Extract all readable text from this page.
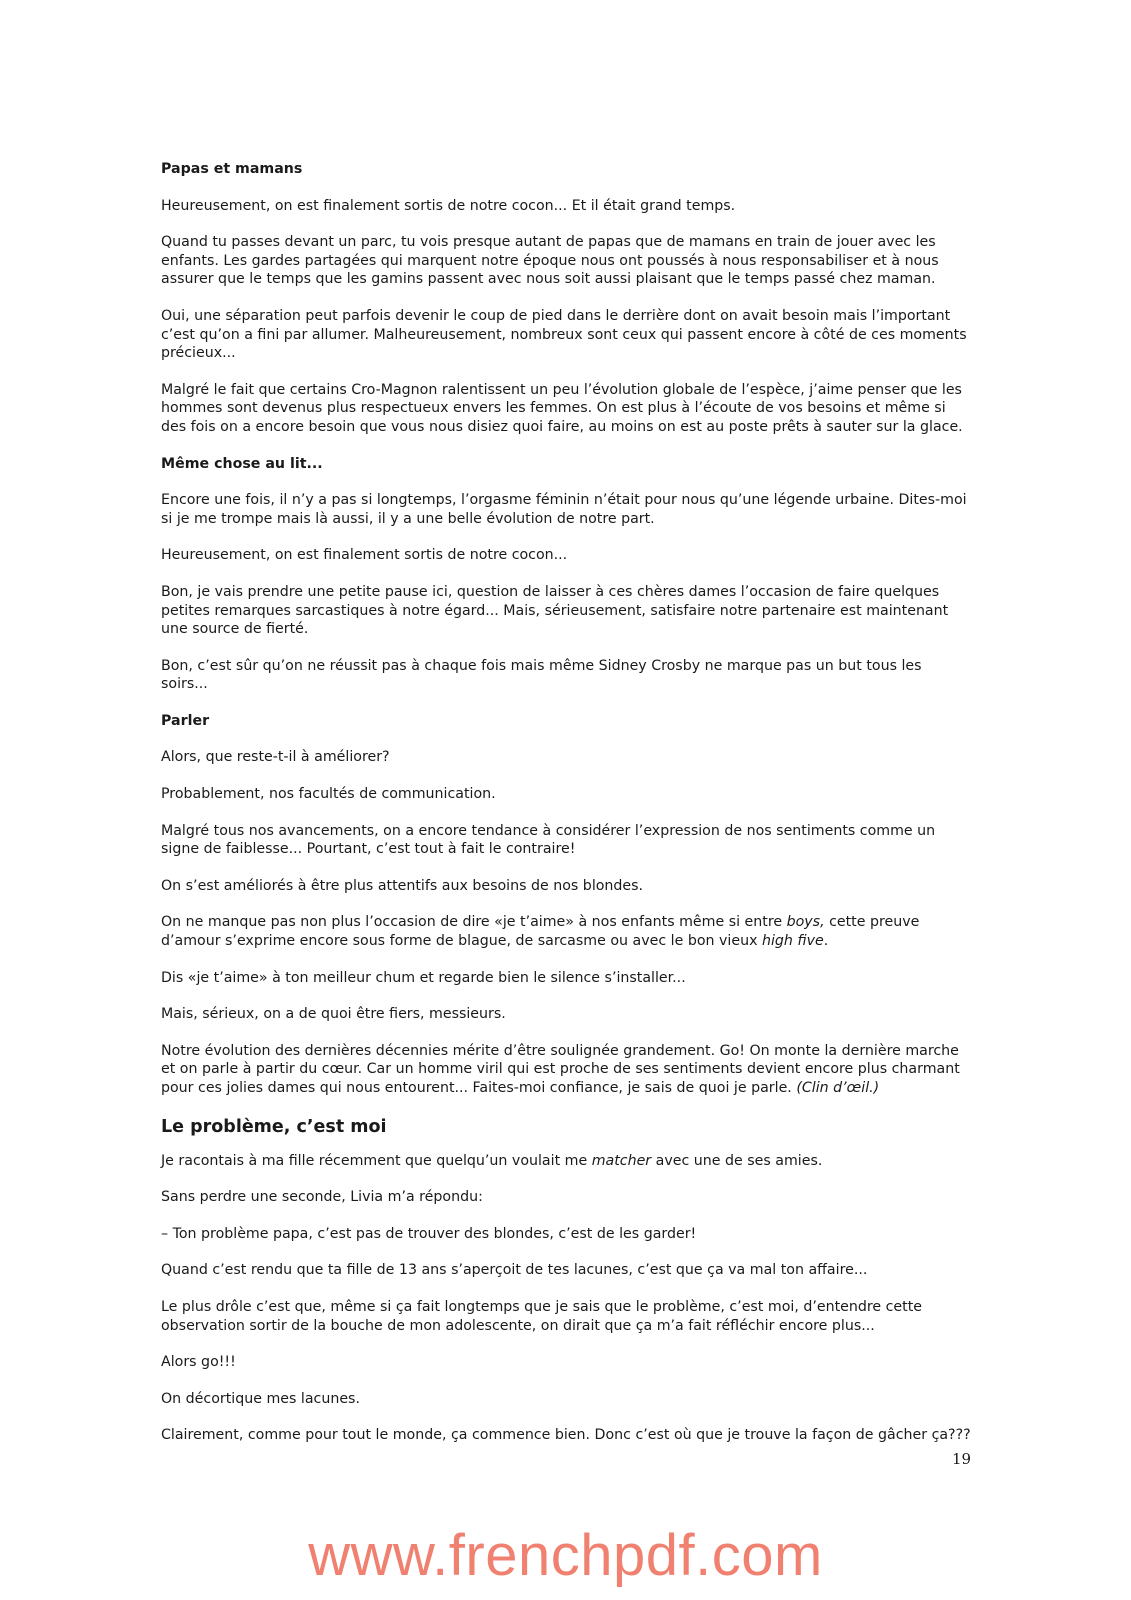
Papas et mamans

Heureusement, on est finalement sortis de notre cocon... Et il était grand temps.

Quand tu passes devant un parc, tu vois presque autant de papas que de mamans en train de jouer avec les enfants. Les gardes partagées qui marquent notre époque nous ont poussés à nous responsabiliser et à nous assurer que le temps que les gamins passent avec nous soit aussi plaisant que le temps passé chez maman.

Oui, une séparation peut parfois devenir le coup de pied dans le derrière dont on avait besoin mais l’important c’est qu’on a fini par allumer. Malheureusement, nombreux sont ceux qui passent encore à côté de ces moments précieux...

Malgré le fait que certains Cro-Magnon ralentissent un peu l’évolution globale de l’espèce, j’aime penser que les hommes sont devenus plus respectueux envers les femmes. On est plus à l’écoute de vos besoins et même si des fois on a encore besoin que vous nous disiez quoi faire, au moins on est au poste prêts à sauter sur la glace.

Même chose au lit...

Encore une fois, il n’y a pas si longtemps, l’orgasme féminin n’était pour nous qu’une légende urbaine. Dites-moi si je me trompe mais là aussi, il y a une belle évolution de notre part.

Heureusement, on est finalement sortis de notre cocon...

Bon, je vais prendre une petite pause ici, question de laisser à ces chères dames l’occasion de faire quelques petites remarques sarcastiques à notre égard... Mais, sérieusement, satisfaire notre partenaire est maintenant une source de fierté.

Bon, c’est sûr qu’on ne réussit pas à chaque fois mais même Sidney Crosby ne marque pas un but tous les soirs...

Parler

Alors, que reste-t-il à améliorer?

Probablement, nos facultés de communication.

Malgré tous nos avancements, on a encore tendance à considérer l’expression de nos sentiments comme un signe de faiblesse... Pourtant, c’est tout à fait le contraire!

On s’est améliorés à être plus attentifs aux besoins de nos blondes.

On ne manque pas non plus l’occasion de dire «je t’aime» à nos enfants même si entre boys, cette preuve d’amour s’exprime encore sous forme de blague, de sarcasme ou avec le bon vieux high five.

Dis «je t’aime» à ton meilleur chum et regarde bien le silence s’installer...

Mais, sérieux, on a de quoi être fiers, messieurs.

Notre évolution des dernières décennies mérite d’être soulignée grandement. Go! On monte la dernière marche et on parle à partir du cœur. Car un homme viril qui est proche de ses sentiments devient encore plus charmant pour ces jolies dames qui nous entourent... Faites-moi confiance, je sais de quoi je parle. (Clin d’œil.)

Le problème, c’est moi

Je racontais à ma fille récemment que quelqu’un voulait me matcher avec une de ses amies.

Sans perdre une seconde, Livia m’a répondu:

– Ton problème papa, c’est pas de trouver des blondes, c’est de les garder!

Quand c’est rendu que ta fille de 13 ans s’aperçoit de tes lacunes, c’est que ça va mal ton affaire...

Le plus drôle c’est que, même si ça fait longtemps que je sais que le problème, c’est moi, d’entendre cette observation sortir de la bouche de mon adolescente, on dirait que ça m’a fait réfléchir encore plus...

Alors go!!!

On décortique mes lacunes.

Clairement, comme pour tout le monde, ça commence bien. Donc c’est où que je trouve la façon de gâcher ça???

19
www.frenchpdf.com
